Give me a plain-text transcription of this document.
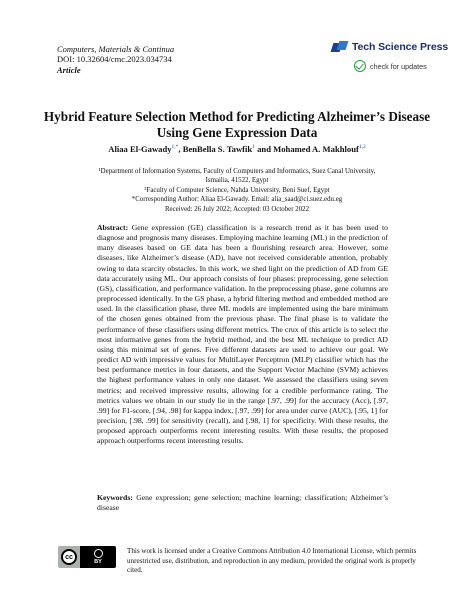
Computers, Materials & Continua
DOI: 10.32604/cmc.2023.034734
Article
Tech Science Press
check for updates
Hybrid Feature Selection Method for Predicting Alzheimer’s Disease Using Gene Expression Data
Aliaa El-Gawady$^{1,*}$, BenBella S. Tawfik$^1$ and Mohamed A. Makhlouf$^{1,2}$
¹Department of Information Systems, Faculty of Computers and Informatics, Suez Canal University,
Ismailia, 41522, Egypt
²Faculty of Computer Science, Nahda University, Beni Suef, Egypt
*Corresponding Author: Aliaa El-Gawady. Email: alia_saad@ci.suez.edu.eg
Received: 26 July 2022; Accepted: 03 October 2022
Abstract: Gene expression (GE) classification is a research trend as it has been used to diagnose and prognosis many diseases. Employing machine learning (ML) in the prediction of many diseases based on GE data has been a flourishing research area. However, some diseases, like Alzheimer’s disease (AD), have not received considerable attention, probably owing to data scarcity obstacles. In this work, we shed light on the prediction of AD from GE data accurately using ML. Our approach consists of four phases: preprocessing, gene selection (GS), classification, and performance validation. In the preprocessing phase, gene columns are preprocessed identically. In the GS phase, a hybrid filtering method and embedded method are used. In the classification phase, three ML models are implemented using the bare minimum of the chosen genes obtained from the previous phase. The final phase is to validate the performance of these classifiers using different metrics. The crux of this article is to select the most informative genes from the hybrid method, and the best ML technique to predict AD using this minimal set of genes. Five different datasets are used to achieve our goal. We predict AD with impressive values for MultiLayer Perceptron (MLP) classifier which has the best performance metrics in four datasets, and the Support Vector Machine (SVM) achieves the highest performance values in only one dataset. We assessed the classifiers using seven metrics; and received impressive results, allowing for a credible performance rating. The metrics values we obtain in our study lie in the range [.97, .99] for the accuracy (Acc), [.97, .99] for F1-score, [.94, .98] for kappa index, [.97, .99] for area under curve (AUC), [.95, 1] for precision, [.98, .99] for sensitivity (recall), and [.98, 1] for specificity. With these results, the proposed approach outperforms recent interesting results. With these results, the proposed approach outperforms recent interesting results.
Keywords: Gene expression; gene selection; machine learning; classification; Alzheimer’s disease
cc
BY
This work is licensed under a Creative Commons Attribution 4.0 International License, which permits unrestricted use, distribution, and reproduction in any medium, provided the original work is properly cited.
